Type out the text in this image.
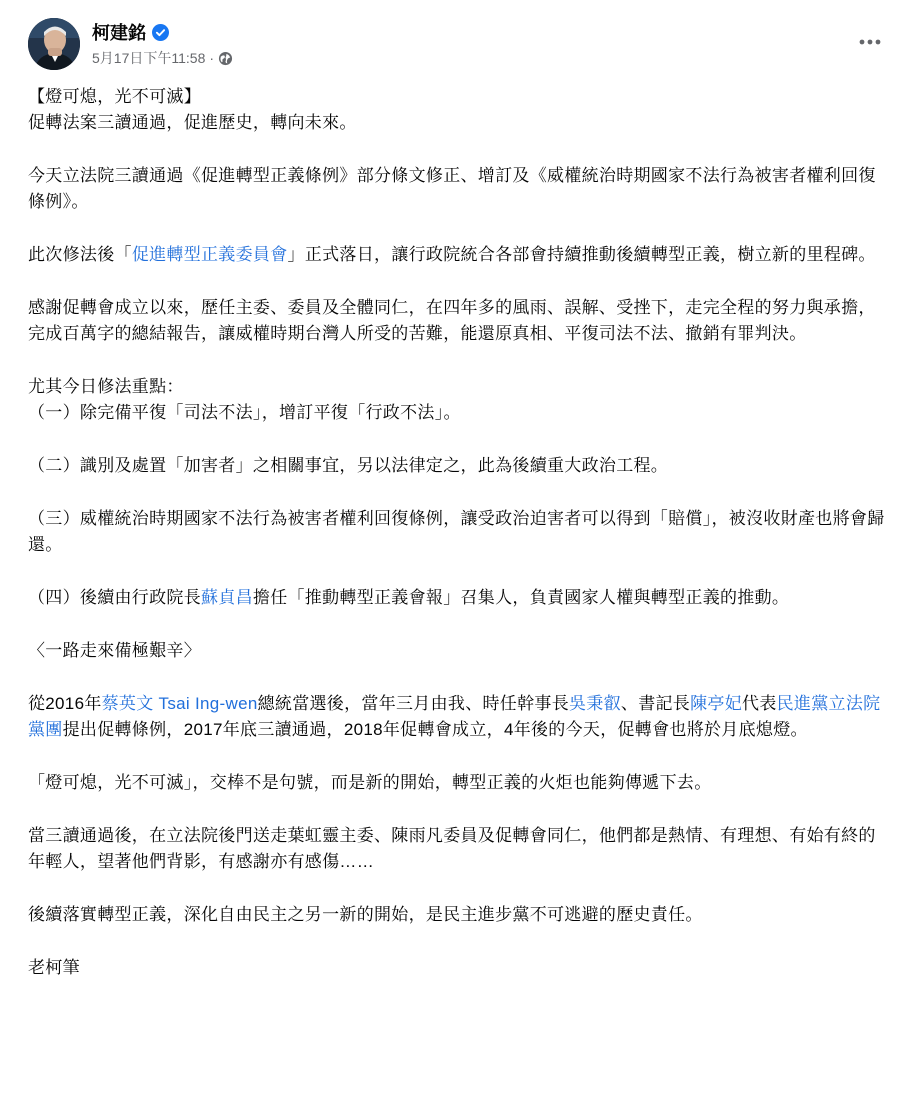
柯建銘
5月17日下午11:58 ·

【燈可熄，光不可滅】
促轉法案三讀通過，促進歷史，轉向未來。

今天立法院三讀通過《促進轉型正義條例》部分條文修正、增訂及《威權統治時期國家不法行為被害者權利回復條例》。

此次修法後「促進轉型正義委員會」正式落日，讓行政院統合各部會持續推動後續轉型正義，樹立新的里程碑。

感謝促轉會成立以來，歷任主委、委員及全體同仁，在四年多的風雨、誤解、受挫下，走完全程的努力與承擔，完成百萬字的總結報告，讓威權時期台灣人所受的苦難，能還原真相、平復司法不法、撤銷有罪判決。

尤其今日修法重點：
（一）除完備平復「司法不法」，增訂平復「行政不法」。

（二）識別及處置「加害者」之相關事宜，另以法律定之，此為後續重大政治工程。

（三）威權統治時期國家不法行為被害者權利回復條例，讓受政治迫害者可以得到「賠償」，被沒收財產也將會歸還。

（四）後續由行政院長蘇貞昌擔任「推動轉型正義會報」召集人，負責國家人權與轉型正義的推動。

〈一路走來備極艱辛〉

從2016年蔡英文 Tsai Ing-wen總統當選後，當年三月由我、時任幹事長吳秉叡、書記長陳亭妃代表民進黨立法院黨團提出促轉條例，2017年底三讀通過，2018年促轉會成立，4年後的今天，促轉會也將於月底熄燈。

「燈可熄，光不可滅」，交棒不是句號，而是新的開始，轉型正義的火炬也能夠傳遞下去。

當三讀通過後，在立法院後門送走葉虹靈主委、陳雨凡委員及促轉會同仁，他們都是熱情、有理想、有始有終的年輕人，望著他們背影，有感謝亦有感傷……

後續落實轉型正義，深化自由民主之另一新的開始，是民主進步黨不可逃避的歷史責任。

老柯筆
